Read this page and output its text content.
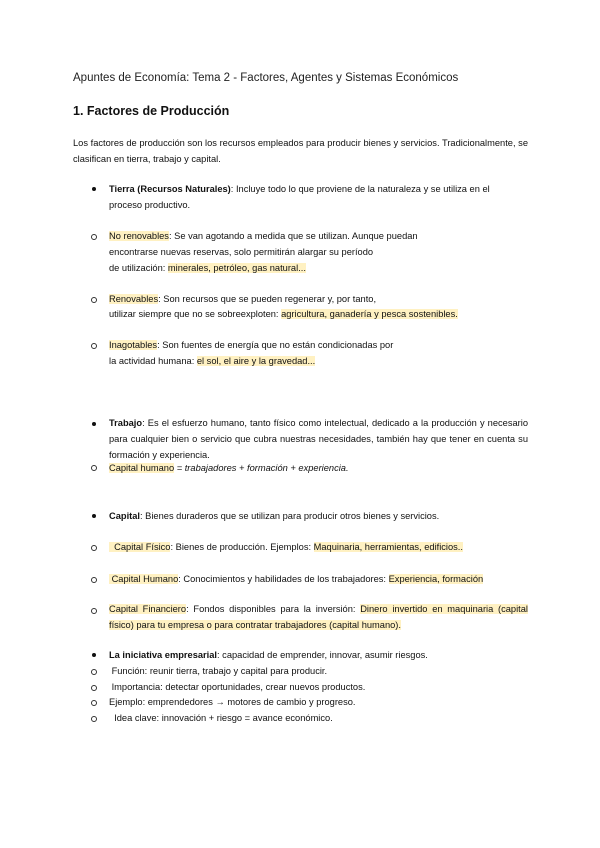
Apuntes de Economía: Tema 2 - Factores, Agentes y Sistemas Económicos
1. Factores de Producción
Los factores de producción son los recursos empleados para producir bienes y servicios. Tradicionalmente, se clasifican en tierra, trabajo y capital.
Tierra (Recursos Naturales): Incluye todo lo que proviene de la naturaleza y se utiliza en el
proceso productivo.
No renovables: Se van agotando a medida que se utilizan. Aunque puedan
encontrarse nuevas reservas, solo permitirán alargar su período
de utilización: minerales, petróleo, gas natural...
Renovables: Son recursos que se pueden regenerar y, por tanto,
utilizar siempre que no se sobreexploten: agricultura, ganadería y pesca sostenibles.
Inagotables: Son fuentes de energía que no están condicionadas por
la actividad humana: el sol, el aire y la gravedad...
Trabajo: Es el esfuerzo humano, tanto físico como intelectual, dedicado a la producción y necesario para cualquier bien o servicio que cubra nuestras necesidades, también hay que tener en cuenta su formación y experiencia.
Capital humano = trabajadores + formación + experiencia.
Capital: Bienes duraderos que se utilizan para producir otros bienes y servicios.
Capital Físico: Bienes de producción. Ejemplos: Maquinaria, herramientas, edificios..
Capital Humano: Conocimientos y habilidades de los trabajadores: Experiencia, formación
Capital Financiero: Fondos disponibles para la inversión: Dinero invertido en maquinaria (capital físico) para tu empresa o para contratar trabajadores (capital humano).
La iniciativa empresarial: capacidad de emprender, innovar, asumir riesgos.
Función: reunir tierra, trabajo y capital para producir.
Importancia: detectar oportunidades, crear nuevos productos.
Ejemplo: emprendedores → motores de cambio y progreso.
Idea clave: innovación + riesgo = avance económico.
